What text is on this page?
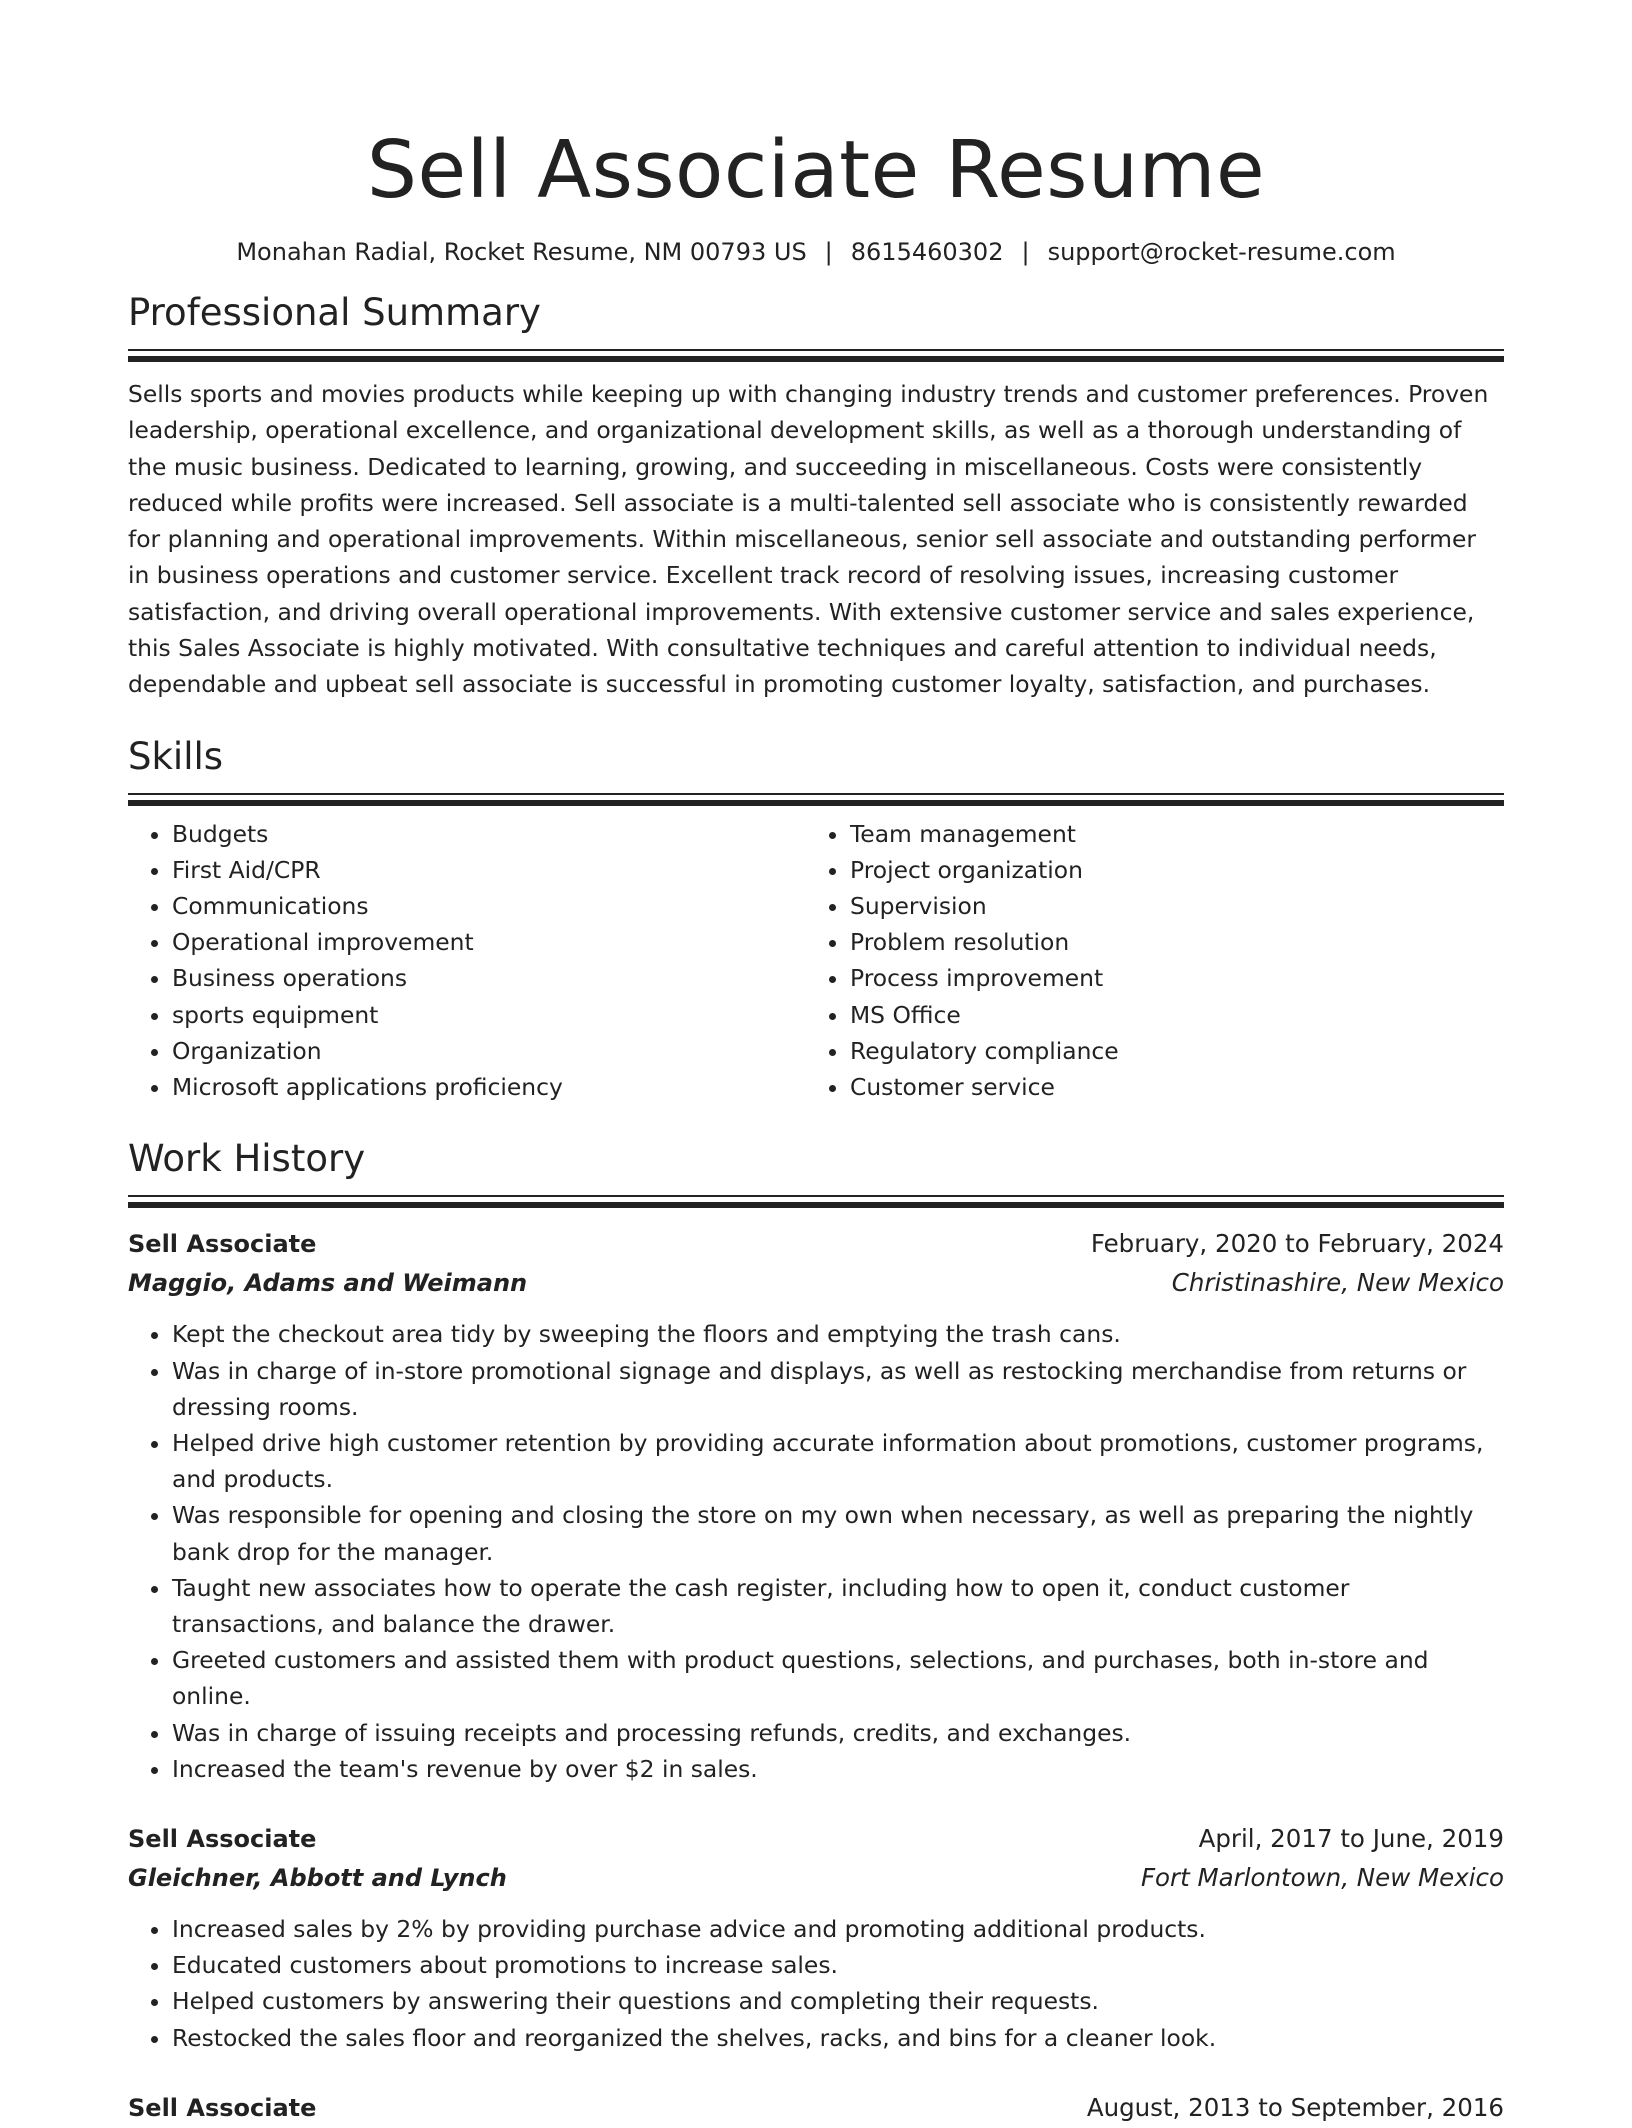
Sell Associate Resume
Monahan Radial, Rocket Resume, NM 00793 US | 8615460302 | support@rocket-resume.com
Professional Summary

Sells sports and movies products while keeping up with changing industry trends and customer preferences. Proven leadership, operational excellence, and organizational development skills, as well as a thorough understanding of the music business. Dedicated to learning, growing, and succeeding in miscellaneous. Costs were consistently reduced while profits were increased. Sell associate is a multi-talented sell associate who is consistently rewarded for planning and operational improvements. Within miscellaneous, senior sell associate and outstanding performer in business operations and customer service. Excellent track record of resolving issues, increasing customer satisfaction, and driving overall operational improvements. With extensive customer service and sales experience, this Sales Associate is highly motivated. With consultative techniques and careful attention to individual needs, dependable and upbeat sell associate is successful in promoting customer loyalty, satisfaction, and purchases.

Skills
• Budgets
• First Aid/CPR
• Communications
• Operational improvement
• Business operations
• sports equipment
• Organization
• Microsoft applications proficiency
• Team management
• Project organization
• Supervision
• Problem resolution
• Process improvement
• MS Office
• Regulatory compliance
• Customer service
Work History
Sell Associate	February, 2020 to February, 2024
Maggio, Adams and Weimann	Christinashire, New Mexico
• Kept the checkout area tidy by sweeping the floors and emptying the trash cans.
• Was in charge of in-store promotional signage and displays, as well as restocking merchandise from returns or dressing rooms.
• Helped drive high customer retention by providing accurate information about promotions, customer programs, and products.
• Was responsible for opening and closing the store on my own when necessary, as well as preparing the nightly bank drop for the manager.
• Taught new associates how to operate the cash register, including how to open it, conduct customer transactions, and balance the drawer.
• Greeted customers and assisted them with product questions, selections, and purchases, both in-store and online.
• Was in charge of issuing receipts and processing refunds, credits, and exchanges.
• Increased the team's revenue by over $2 in sales.
Sell Associate	April, 2017 to June, 2019
Gleichner, Abbott and Lynch	Fort Marlontown, New Mexico
• Increased sales by 2% by providing purchase advice and promoting additional products.
• Educated customers about promotions to increase sales.
• Helped customers by answering their questions and completing their requests.
• Restocked the sales floor and reorganized the shelves, racks, and bins for a cleaner look.
Sell Associate	August, 2013 to September, 2016
